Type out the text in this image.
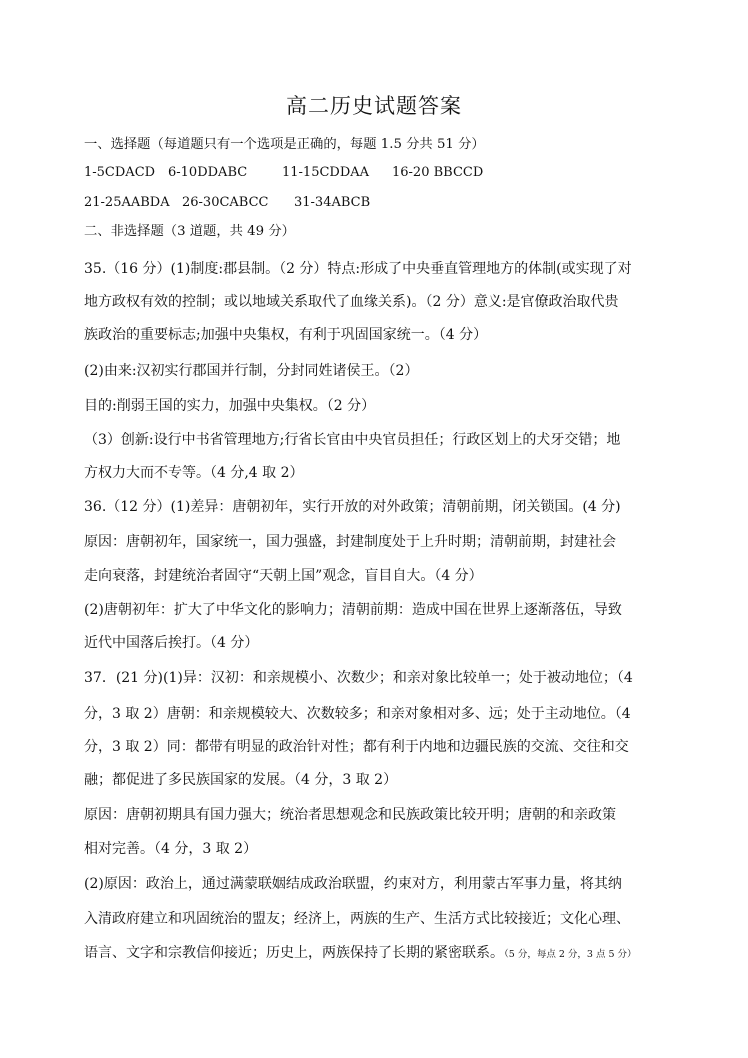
高二历史试题答案
一、选择题（每道题只有一个选项是正确的，每题 1.5 分共 51 分）
1-5CDACD 6-10DDABC	11-15CDDAA 16-20 BBCCD
21-25AABDA 26-30CABCC 31-34ABCB
二、非选择题（3 道题，共 49 分）
35.（16 分）(1)制度:郡县制。（2 分）特点:形成了中央垂直管理地方的体制(或实现了对
地方政权有效的控制；或以地域关系取代了血缘关系)。（2 分）意义:是官僚政治取代贵
族政治的重要标志;加强中央集权，有利于巩固国家统一。（4 分）
(2)由来:汉初实行郡国并行制，分封同姓诸侯王。（2）
目的:削弱王国的实力，加强中央集权。（2 分）
（3）创新:设行中书省管理地方;行省长官由中央官员担任；行政区划上的犬牙交错；地
方权力大而不专等。（4 分,4 取 2）
36.（12 分）(1)差异：唐朝初年，实行开放的对外政策；清朝前期，闭关锁国。(4 分)
原因：唐朝初年，国家统一，国力强盛，封建制度处于上升时期；清朝前期，封建社会
走向衰落，封建统治者固守“天朝上国”观念，盲目自大。（4 分）
(2)唐朝初年：扩大了中华文化的影响力；清朝前期：造成中国在世界上逐渐落伍，导致
近代中国落后挨打。（4 分）
37．(21 分)(1)异：汉初：和亲规模小、次数少；和亲对象比较单一；处于被动地位；（4
分，3 取 2）唐朝：和亲规模较大、次数较多；和亲对象相对多、远；处于主动地位。（4
分，3 取 2）同：都带有明显的政治针对性；都有利于内地和边疆民族的交流、交往和交
融；都促进了多民族国家的发展。（4 分，3 取 2）
原因：唐朝初期具有国力强大；统治者思想观念和民族政策比较开明；唐朝的和亲政策
相对完善。（4 分，3 取 2）
(2)原因：政治上，通过满蒙联姻结成政治联盟，约束对方，利用蒙古军事力量，将其纳
入清政府建立和巩固统治的盟友；经济上，两族的生产、生活方式比较接近；文化心理、
语言、文字和宗教信仰接近；历史上，两族保持了长期的紧密联系。（5 分，每点 2 分，3 点 5 分）
